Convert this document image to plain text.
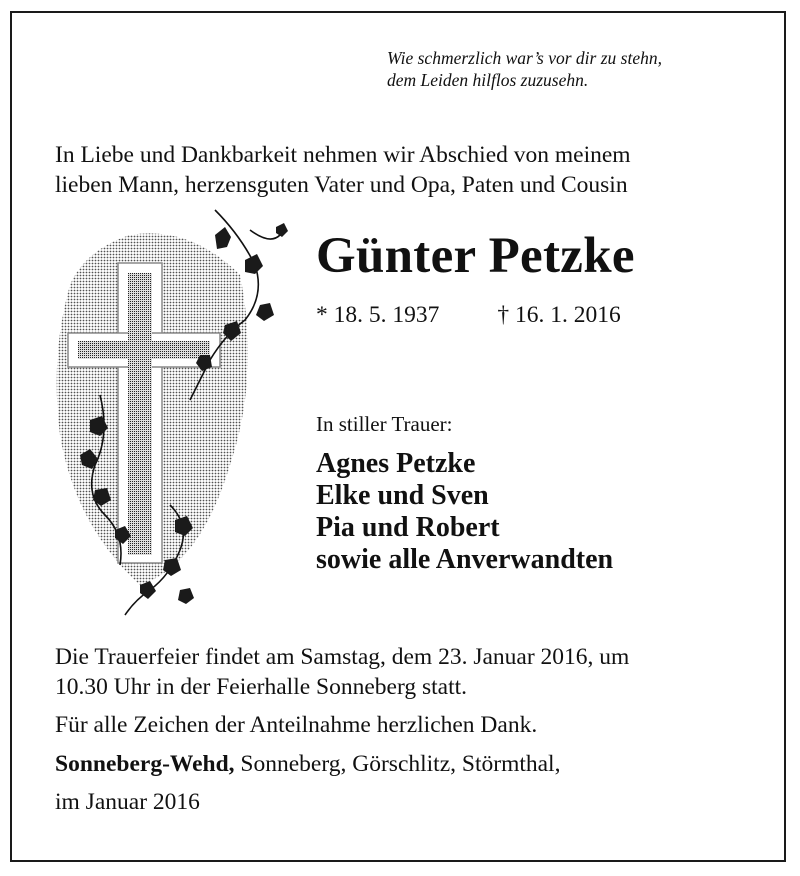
Wie schmerzlich war’s vor dir zu stehn,
dem Leiden hilflos zuzusehn.
In Liebe und Dankbarkeit nehmen wir Abschied von meinem
lieben Mann, herzensguten Vater und Opa, Paten und Cousin
Günter Petzke
* 18. 5. 1937 † 16. 1. 2016
In stiller Trauer:
Agnes Petzke
Elke und Sven
Pia und Robert
sowie alle Anverwandten
Die Trauerfeier findet am Samstag, dem 23. Januar 2016, um
10.30 Uhr in der Feierhalle Sonneberg statt.
Für alle Zeichen der Anteilnahme herzlichen Dank.
Sonneberg-Wehd, Sonneberg, Görschlitz, Störmthal,
im Januar 2016
